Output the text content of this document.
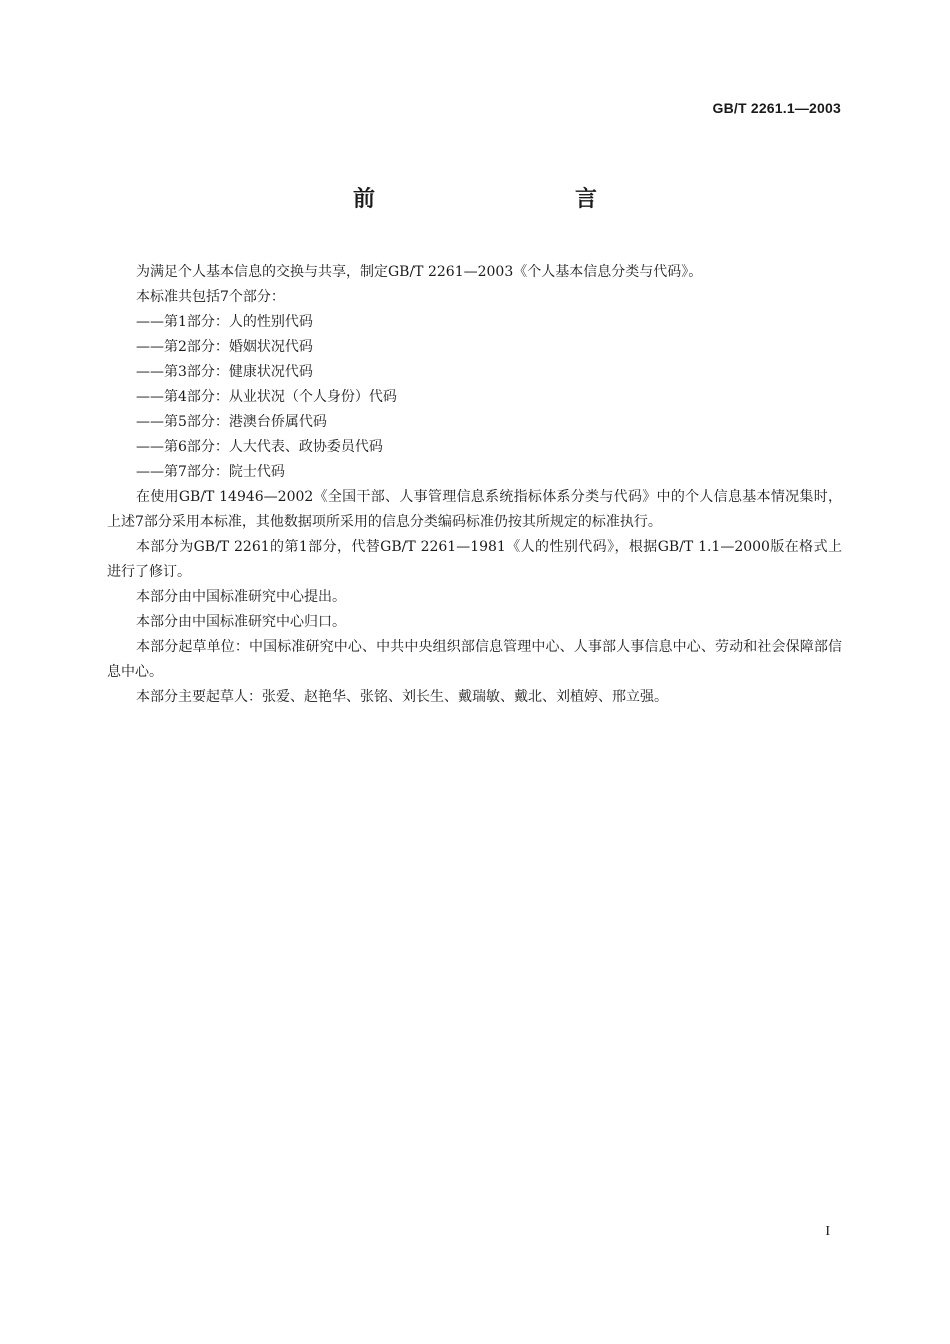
GB/T 2261.1—2003
前　　言

为满足个人基本信息的交换与共享，制定GB/T 2261—2003《个人基本信息分类与代码》。

本标准共包括7个部分：

——第1部分：人的性别代码

——第2部分：婚姻状况代码

——第3部分：健康状况代码

——第4部分：从业状况（个人身份）代码

——第5部分：港澳台侨属代码

——第6部分：人大代表、政协委员代码

——第7部分：院士代码

在使用GB/T 14946—2002《全国干部、人事管理信息系统指标体系分类与代码》中的个人信息基本情况集时，上述7部分采用本标准，其他数据项所采用的信息分类编码标准仍按其所规定的标准执行。

本部分为GB/T 2261的第1部分，代替GB/T 2261—1981《人的性别代码》，根据GB/T 1.1—2000版在格式上进行了修订。

本部分由中国标准研究中心提出。

本部分由中国标准研究中心归口。

本部分起草单位：中国标准研究中心、中共中央组织部信息管理中心、人事部人事信息中心、劳动和社会保障部信息中心。

本部分主要起草人：张爱、赵艳华、张铭、刘长生、戴瑞敏、戴北、刘植婷、邢立强。

I
